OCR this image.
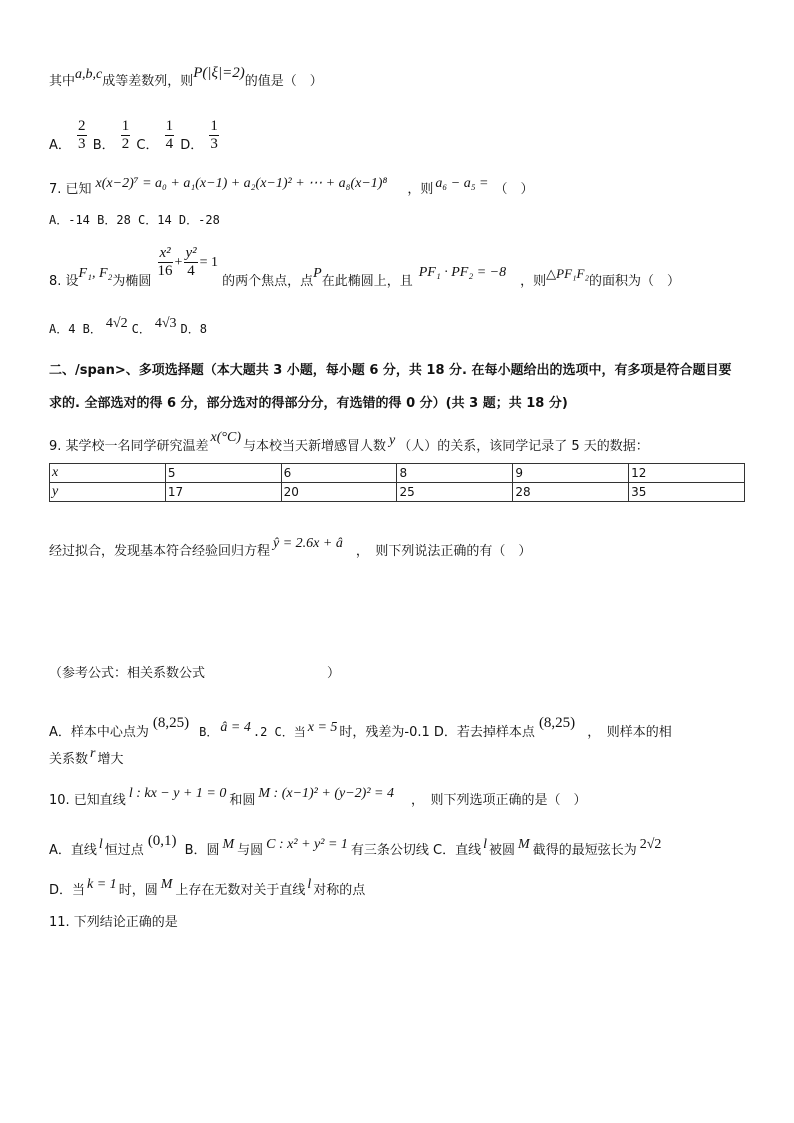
其中a,b,c成等差数列，则P(|ξ|=2)的值是（　）
A． $\frac{2}{3}$ B． $\frac{1}{2}$ C． $\frac{1}{4}$ D． $\frac{1}{3}$
7. 已知 x(x−2)⁷ = a₀ + a₁(x−1) + a₂(x−1)² + ⋯ + a₈(x−1)⁸ ，则 a₆ − a₅ = （　）
A．-14 B．28 C．14 D．-28
8. 设F₁, F₂为椭圆
$\frac{\text{x²}}{16} + \frac{\text{y²}}{4} = 1$ 的两个焦点，点P在此椭圆上，且PF₁ · PF₂ = −8，则△PF₁F₂的面积为（　）
A．4 B． 4√2 C． 4√3 D．8
二、/span>、多项选择题（本大题共 3 小题，每小题 6 分，共 18 分. 在每小题给出的选项中，有多项是符合题目要
求的. 全部选对的得 6 分，部分选对的得部分分，有选错的得 0 分）(共 3 题；共 18 分)
9. 某学校一名同学研究温差x(°C)与本校当天新增感冒人数 y （人）的关系，该同学记录了 5 天的数据：
x	5	6	8	9	12
y	17	20	25	28	35
经过拟合，发现基本符合经验回归方程ŷ = 2.6x + â，　则下列说法正确的有（　）
（参考公式：相关系数公式	）
A．样本中心点为(8,25)B． â = 4 .2 C．当 x = 5 时，残差为-0.1 D．若去掉样本点(8,25)，　则样本的相
关系数 r 增大
10. 已知直线 l : kx − y + 1 = 0 和圆 M : (x−1)² + (y−2)² = 4 ，　则下列选项正确的是（　）
A．直线 l 恒过点(0,1)B．圆 M 与圆 C : x² + y² = 1 有三条公切线 C．直线 l 被圆 M 截得的最短弦长为 2√2
D．当 k = 1 时，圆 M 上存在无数对关于直线 l 对称的点
11. 下列结论正确的是
